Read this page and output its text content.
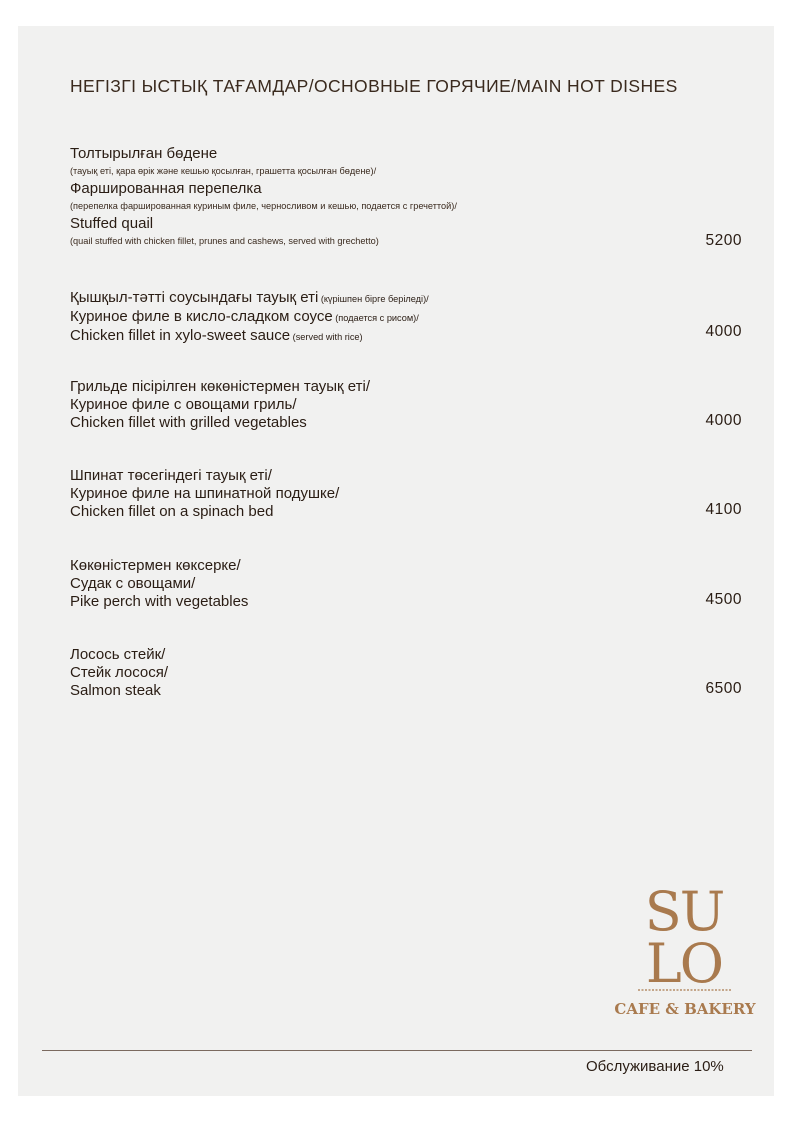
НЕГІЗГІ ЫСТЫҚ ТАҒАМДАР/ОСНОВНЫЕ ГОРЯЧИЕ/MAIN HOT DISHES
Толтырылған бөдене
(тауық еті, қара өрік және кешью қосылған, грашетта қосылған бөдене)/
Фаршированная перепелка
(перепелка фаршированная куриным филе, черносливом и кешью, подается с гречеттой)/
Stuffed quail
(quail stuffed with chicken fillet, prunes and cashews, served with grechetto)	5200
Қышқыл-тәтті соусындағы тауық еті (күрішпен бірге беріледі)/
Куриное филе в кисло-сладком соусе (подается с рисом)/
Chicken fillet in xylo-sweet sauce (served with rice)	4000
Грильде пісірілген көкөністермен тауық еті/
Куриное филе с овощами гриль/
Chicken fillet with grilled vegetables	4000
Шпинат төсегіндегі тауық еті/
Куриное филе на шпинатной подушке/
Chicken fillet on a spinach bed	4100
Көкөністермен көксерке/
Судак с овощами/
Pike perch with vegetables	4500
Лосось стейк/
Стейк лосося/
Salmon steak	6500
SU
LO
CAFE & BAKERY
Обслуживание 10%
